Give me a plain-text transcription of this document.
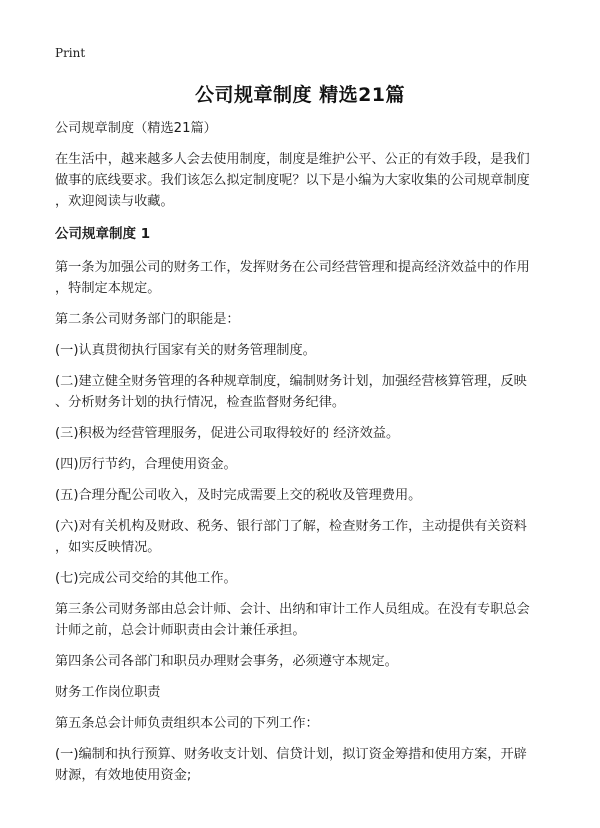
Print
公司规章制度 精选21篇

公司规章制度（精选21篇）

在生活中，越来越多人会去使用制度，制度是维护公平、公正的有效手段，是我们

做事的底线要求。我们该怎么拟定制度呢？以下是小编为大家收集的公司规章制度

，欢迎阅读与收藏。

公司规章制度 1

第一条为加强公司的财务工作，发挥财务在公司经营管理和提高经济效益中的作用

，特制定本规定。

第二条公司财务部门的职能是：

(一)认真贯彻执行国家有关的财务管理制度。

(二)建立健全财务管理的各种规章制度，编制财务计划，加强经营核算管理，反映

、分析财务计划的执行情况，检查监督财务纪律。

(三)积极为经营管理服务，促进公司取得较好的 经济效益。

(四)厉行节约，合理使用资金。

(五)合理分配公司收入，及时完成需要上交的税收及管理费用。

(六)对有关机构及财政、税务、银行部门了解，检查财务工作，主动提供有关资料

，如实反映情况。

(七)完成公司交给的其他工作。

第三条公司财务部由总会计师、会计、出纳和审计工作人员组成。在没有专职总会

计师之前，总会计师职责由会计兼任承担。

第四条公司各部门和职员办理财会事务，必须遵守本规定。

财务工作岗位职责

第五条总会计师负责组织本公司的下列工作：

(一)编制和执行预算、财务收支计划、信贷计划，拟订资金筹措和使用方案，开辟

财源，有效地使用资金;
